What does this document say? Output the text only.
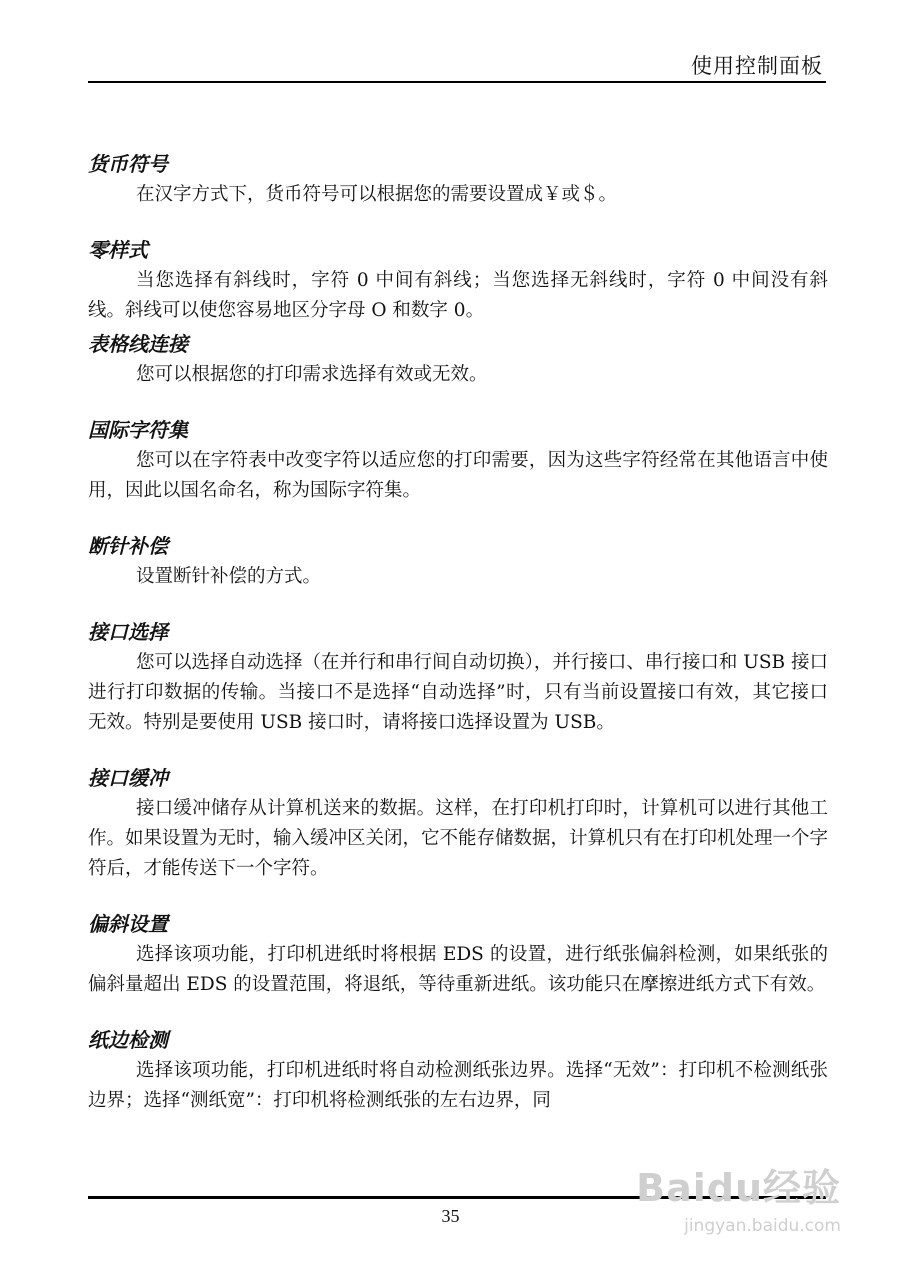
使用控制面板

货币符号

在汉字方式下，货币符号可以根据您的需要设置成￥或＄。

零样式

当您选择有斜线时，字符 0 中间有斜线；当您选择无斜线时，字符 0 中间没有斜线。斜线可以使您容易地区分字母 O 和数字 0。

表格线连接

您可以根据您的打印需求选择有效或无效。

国际字符集

您可以在字符表中改变字符以适应您的打印需要，因为这些字符经常在其他语言中使用，因此以国名命名，称为国际字符集。

断针补偿

设置断针补偿的方式。

接口选择

您可以选择自动选择（在并行和串行间自动切换），并行接口、串行接口和 USB 接口进行打印数据的传输。当接口不是选择“自动选择”时，只有当前设置接口有效，其它接口无效。特别是要使用 USB 接口时，请将接口选择设置为 USB。

接口缓冲

接口缓冲储存从计算机送来的数据。这样，在打印机打印时，计算机可以进行其他工作。如果设置为无时，输入缓冲区关闭，它不能存储数据，计算机只有在打印机处理一个字符后，才能传送下一个字符。

偏斜设置

选择该项功能，打印机进纸时将根据 EDS 的设置，进行纸张偏斜检测，如果纸张的偏斜量超出 EDS 的设置范围，将退纸，等待重新进纸。该功能只在摩擦进纸方式下有效。

纸边检测

选择该项功能，打印机进纸时将自动检测纸张边界。选择“无效”：打印机不检测纸张边界；选择“测纸宽”：打印机将检测纸张的左右边界，同

35
Baidu经验
jingyan.baidu.com
